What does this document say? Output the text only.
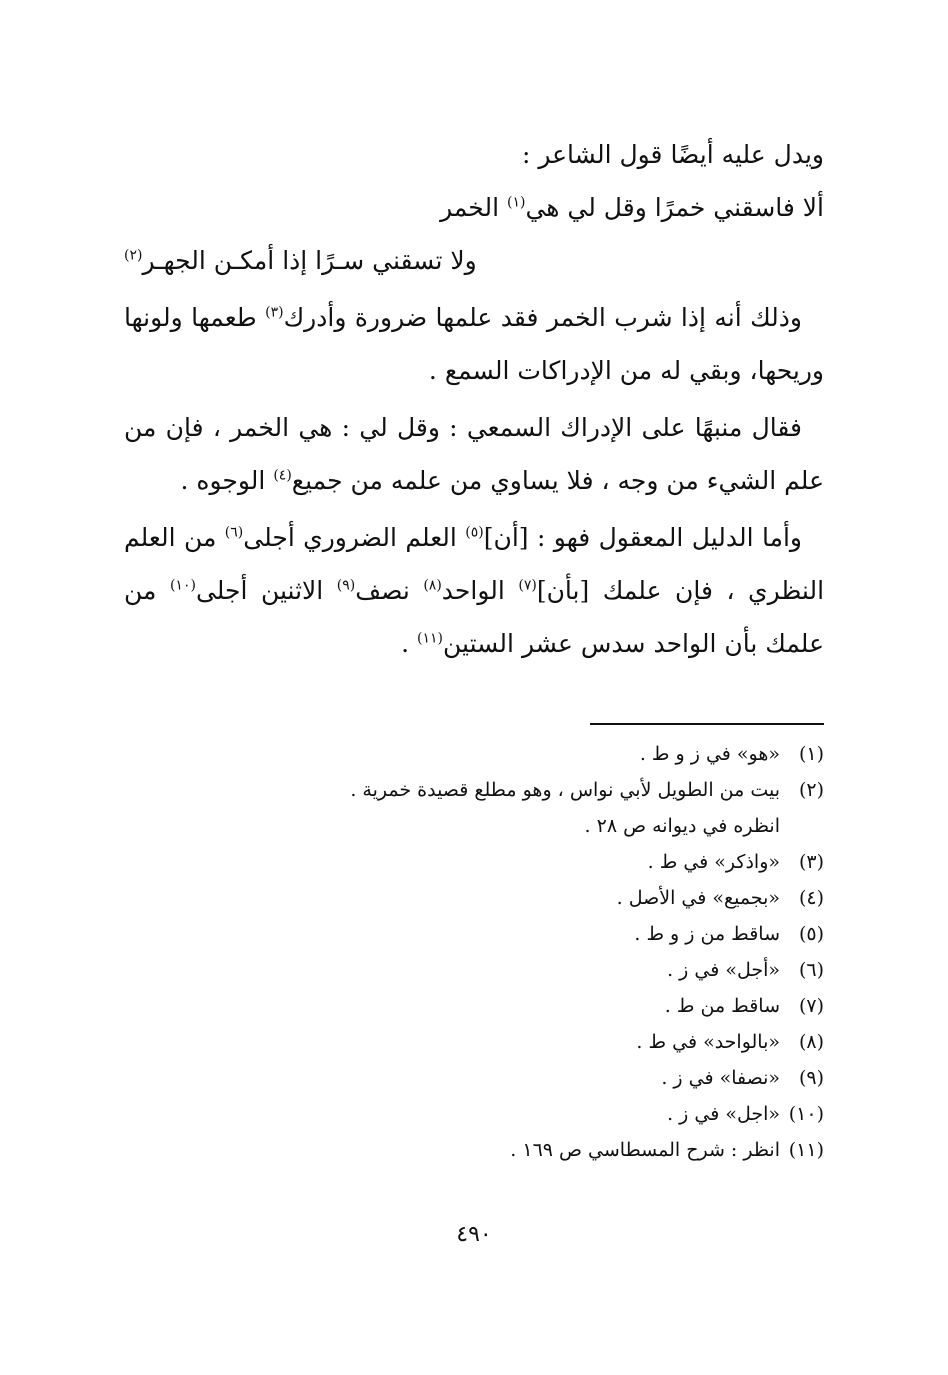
ويدل عليه أيضًا قول الشاعر :

ألا فاسقني خمرًا وقل لي هي$^{(١)}$ الخمر
ولا تسقني سـرًا إذا أمكـن الجهـر$^{(٢)}$

وذلك أنه إذا شرب الخمر فقد علمها ضرورة وأدرك$^{(٣)}$ طعمها ولونها وريحها، وبقي له من الإدراكات السمع .

فقال منبهًا على الإدراك السمعي : وقل لي : هي الخمر ، فإن من علم الشيء من وجه ، فلا يساوي من علمه من جميع$^{(٤)}$ الوجوه .

وأما الدليل المعقول فهو : [أن]$^{(٥)}$ العلم الضروري أجلى$^{(٦)}$ من العلم النظري ، فإن علمك [بأن]$^{(٧)}$ الواحد$^{(٨)}$ نصف$^{(٩)}$ الاثنين أجلى$^{(١٠)}$ من علمك بأن الواحد سدس عشر الستين$^{(١١)}$ .

(١)«هو» في ز و ط .
(٢)بيت من الطويل لأبي نواس ، وهو مطلع قصيدة خمرية .
انظره في ديوانه ص ٢٨ .
(٣)«واذكر» في ط .
(٤)«بجميع» في الأصل .
(٥)ساقط من ز و ط .
(٦)«أجل» في ز .
(٧)ساقط من ط .
(٨)«بالواحد» في ط .
(٩)«نصفا» في ز .
(١٠)«اجل» في ز .
(١١)انظر : شرح المسطاسي ص ١٦٩ .
٤٩٠
